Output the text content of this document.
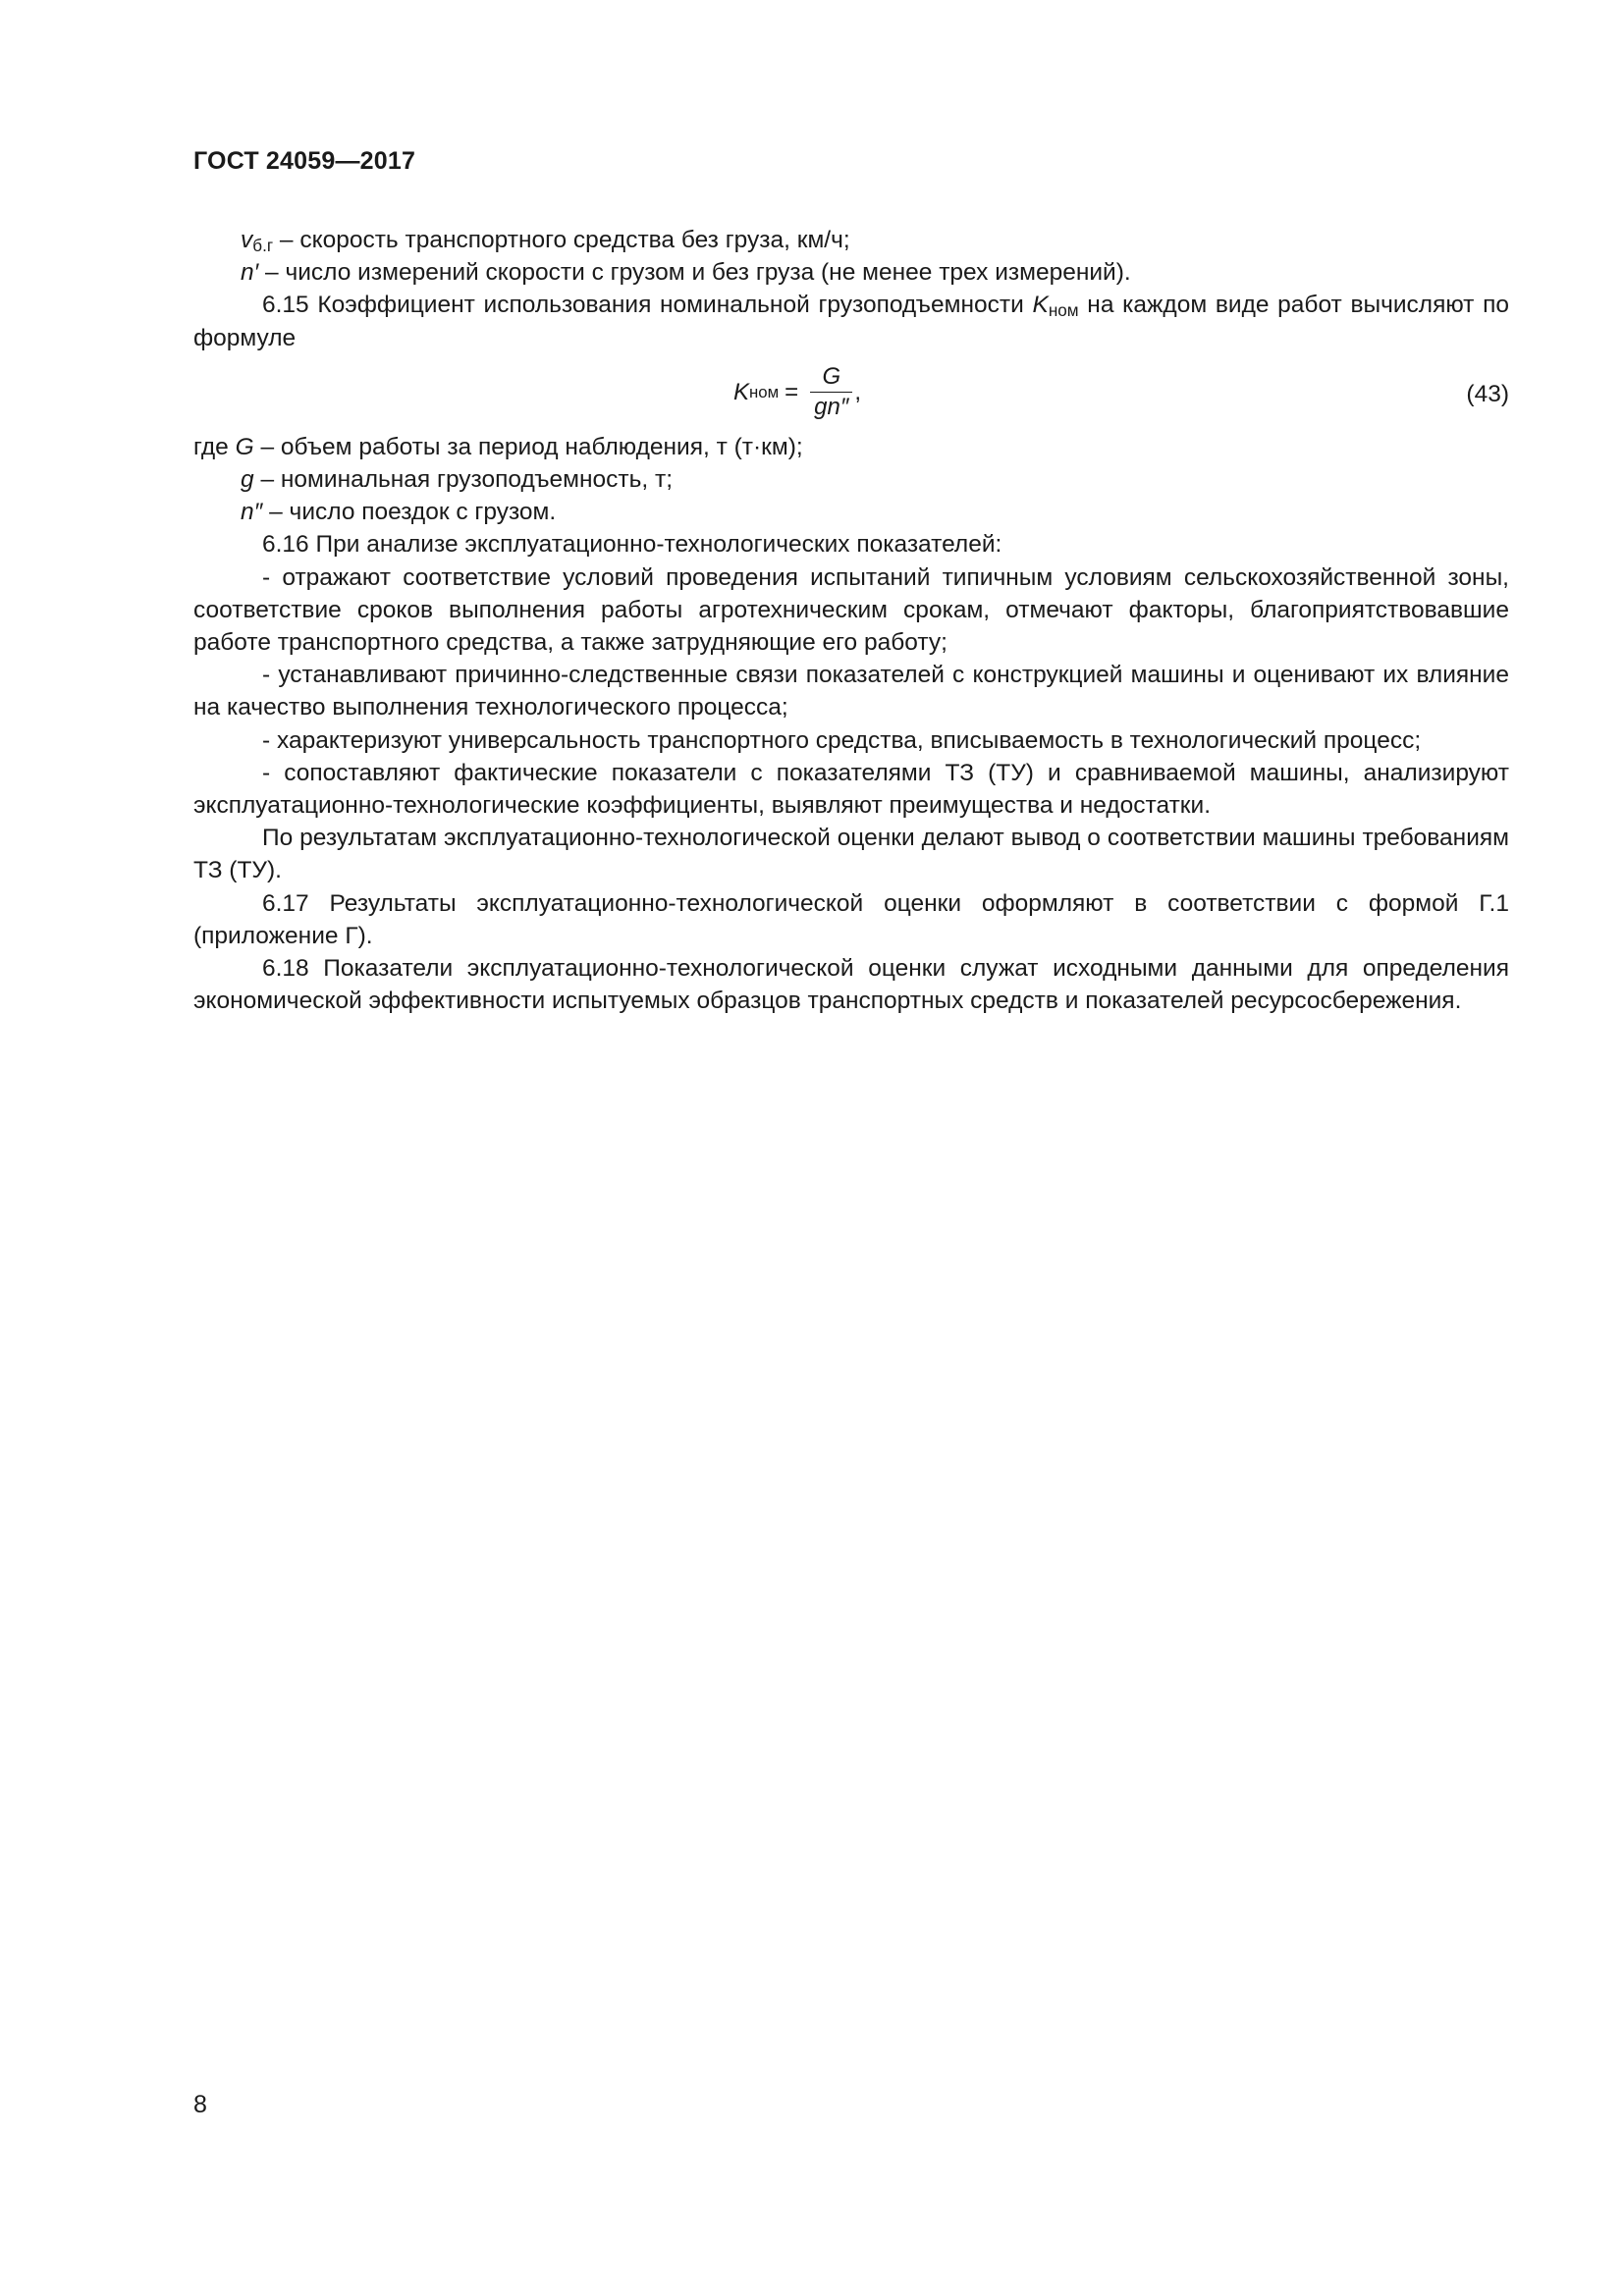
ГОСТ 24059—2017

$v_{б.г}$ – скорость транспортного средства без груза, км/ч;

n′ – число измерений скорости с грузом и без груза (не менее трех измерений).

6.15 Коэффициент использования номинальной грузоподъемности $K_{ном}$ на каждом виде работ вычисляют по формуле

K ном = $\frac{G}{gn''}$ ,	(43)

где G – объем работы за период наблюдения, т (т·км);

g – номинальная грузоподъемность, т;

n″ – число поездок с грузом.

6.16 При анализе эксплуатационно-технологических показателей:

- отражают соответствие условий проведения испытаний типичным условиям сельскохозяйственной зоны, соответствие сроков выполнения работы агротехническим срокам, отмечают факторы, благоприятствовавшие работе транспортного средства, а также затрудняющие его работу;

- устанавливают причинно-следственные связи показателей с конструкцией машины и оценивают их влияние на качество выполнения технологического процесса;

- характеризуют универсальность транспортного средства, вписываемость в технологический процесс;

- сопоставляют фактические показатели с показателями ТЗ (ТУ) и сравниваемой машины, анализируют эксплуатационно-технологические коэффициенты, выявляют преимущества и недостатки.

По результатам эксплуатационно-технологической оценки делают вывод о соответствии машины требованиям ТЗ (ТУ).

6.17 Результаты эксплуатационно-технологической оценки оформляют в соответствии с формой Г.1 (приложение Г).

6.18 Показатели эксплуатационно-технологической оценки служат исходными данными для определения экономической эффективности испытуемых образцов транспортных средств и показателей ресурсосбережения.

8
